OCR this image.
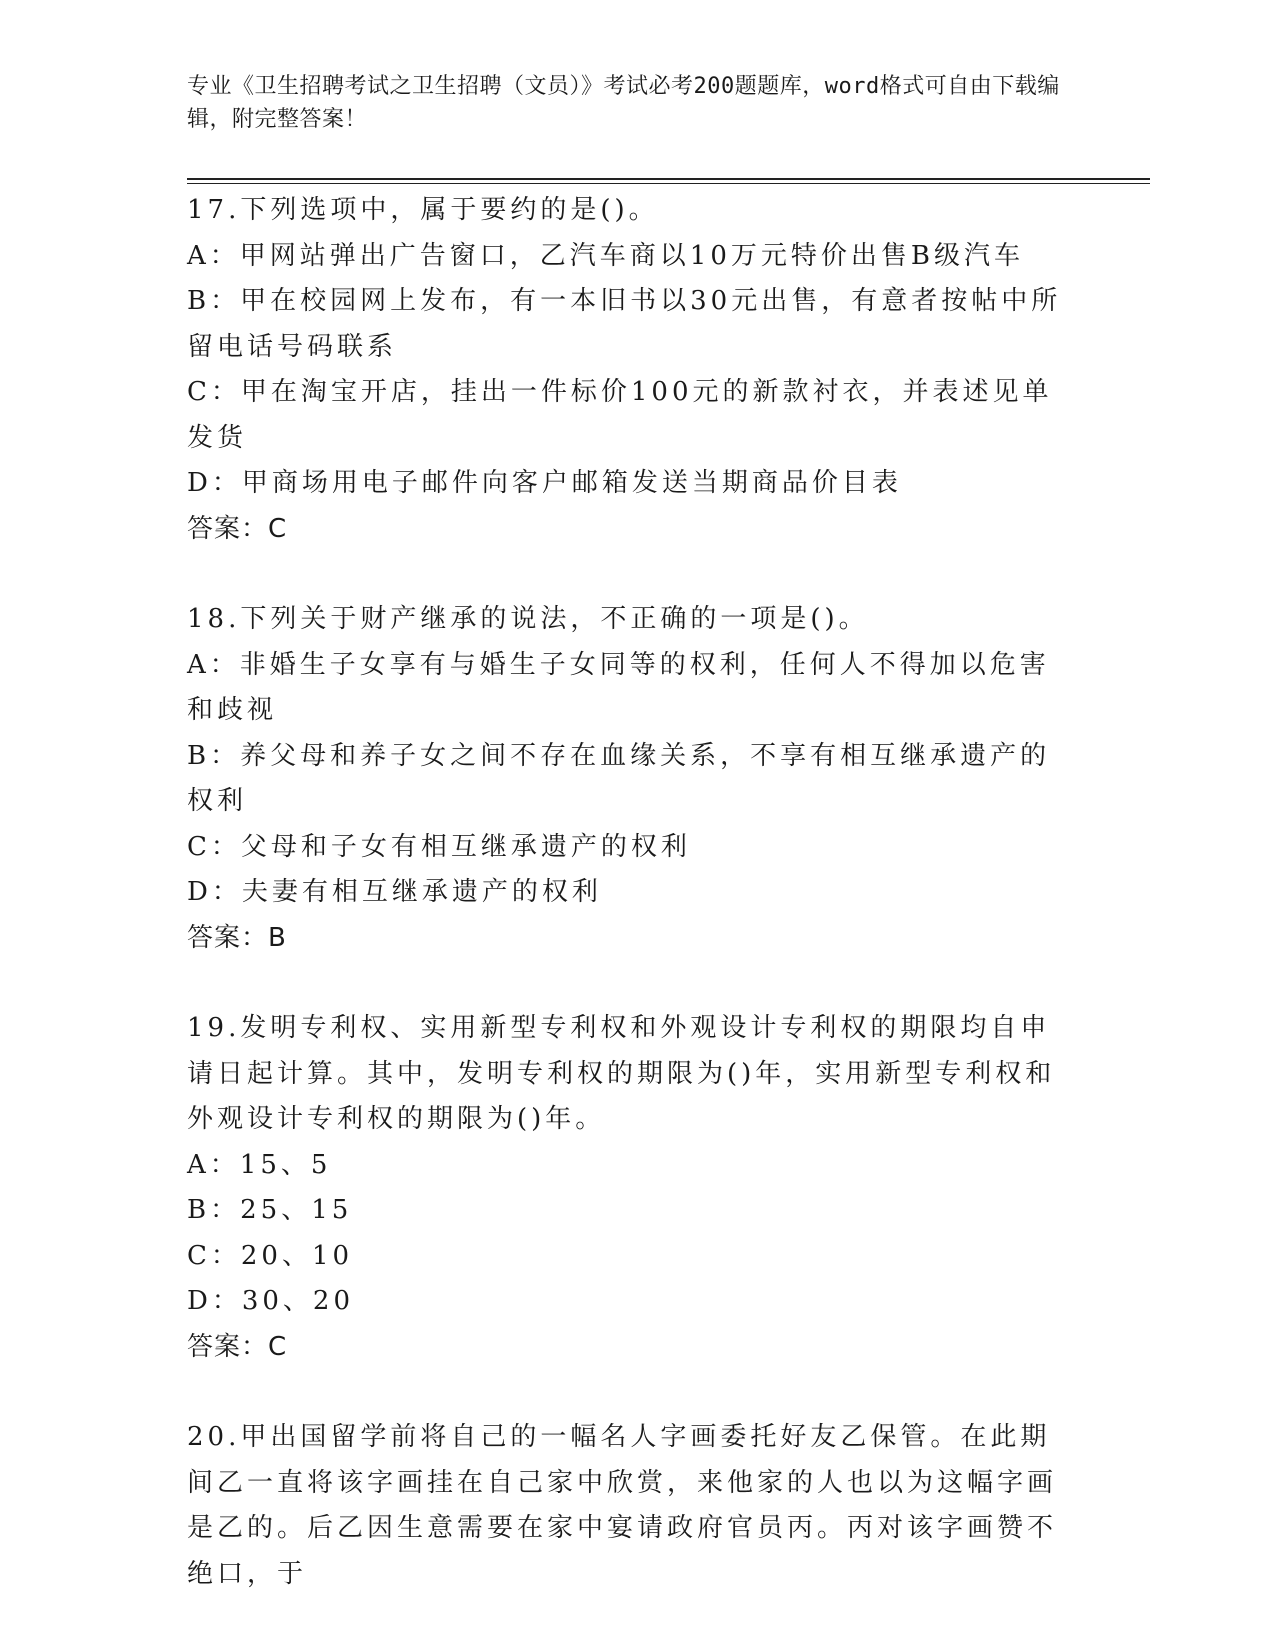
专业《卫生招聘考试之卫生招聘（文员）》考试必考200题题库，word格式可自由下载编辑，附完整答案！
17.下列选项中，属于要约的是()。
A：甲网站弹出广告窗口，乙汽车商以10万元特价出售B级汽车
B：甲在校园网上发布，有一本旧书以30元出售，有意者按帖中所留电话号码联系
C：甲在淘宝开店，挂出一件标价100元的新款衬衣，并表述见单发货
D：甲商场用电子邮件向客户邮箱发送当期商品价目表
答案：C
18.下列关于财产继承的说法，不正确的一项是()。
A：非婚生子女享有与婚生子女同等的权利，任何人不得加以危害和歧视
B：养父母和养子女之间不存在血缘关系，不享有相互继承遗产的权利
C：父母和子女有相互继承遗产的权利
D：夫妻有相互继承遗产的权利
答案：B
19.发明专利权、实用新型专利权和外观设计专利权的期限均自申请日起计算。其中，发明专利权的期限为()年，实用新型专利权和外观设计专利权的期限为()年。
A：15、5
B：25、15
C：20、10
D：30、20
答案：C
20.甲出国留学前将自己的一幅名人字画委托好友乙保管。在此期间乙一直将该字画挂在自己家中欣赏，来他家的人也以为这幅字画是乙的。后乙因生意需要在家中宴请政府官员丙。丙对该字画赞不绝口，于
